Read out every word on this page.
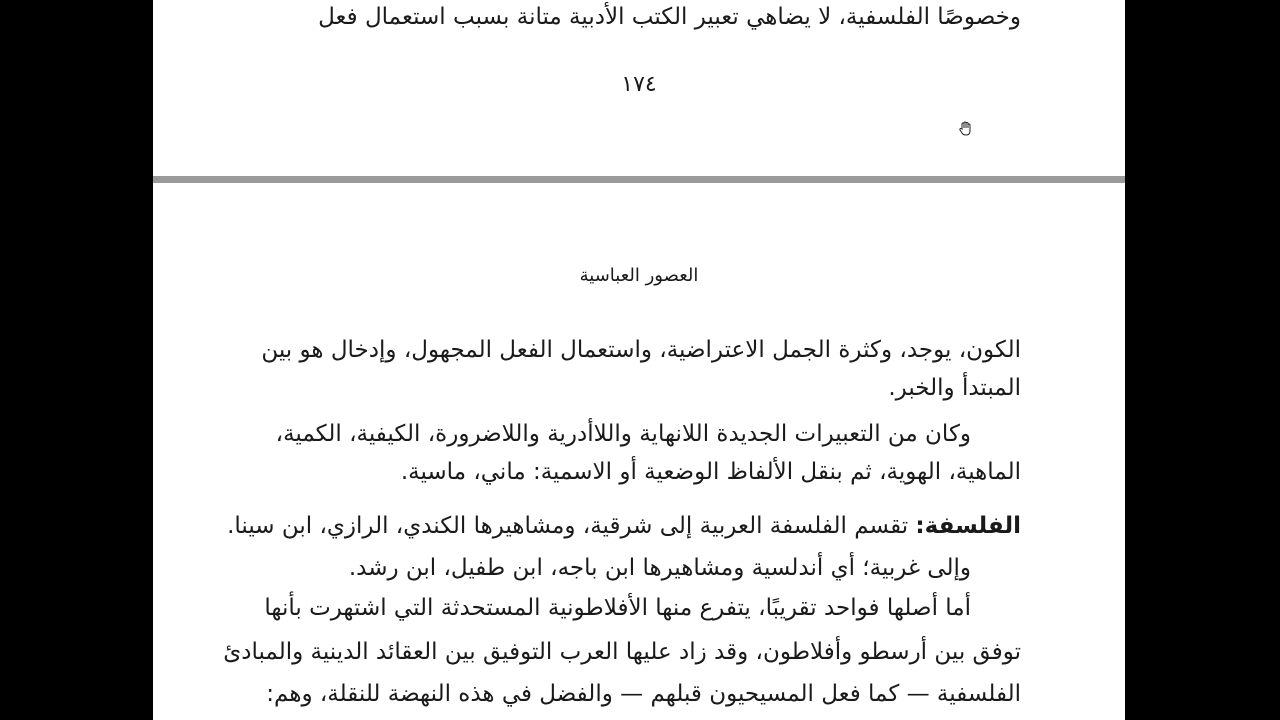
وخصوصًا الفلسفية، لا يضاهي تعبير الكتب الأدبية متانة بسبب استعمال فعل
١٧٤
العصور العباسية
الكون، يوجد، وكثرة الجمل الاعتراضية، واستعمال الفعل المجهول، وإدخال هو بين
المبتدأ والخبر.
وكان من التعبيرات الجديدة اللانهاية واللاأدرية واللاضرورة، الكيفية، الكمية،
الماهية، الهوية، ثم بنقل الألفاظ الوضعية أو الاسمية: ماني، ماسية.
الفلسفة: تقسم الفلسفة العربية إلى شرقية، ومشاهيرها الكندي، الرازي، ابن سينا.
وإلى غربية؛ أي أندلسية ومشاهيرها ابن باجه، ابن طفيل، ابن رشد.
أما أصلها فواحد تقريبًا، يتفرع منها الأفلاطونية المستحدثة التي اشتهرت بأنها
توفق بين أرسطو وأفلاطون، وقد زاد عليها العرب التوفيق بين العقائد الدينية والمبادئ
الفلسفية — كما فعل المسيحيون قبلهم — والفضل في هذه النهضة للنقلة، وهم:
